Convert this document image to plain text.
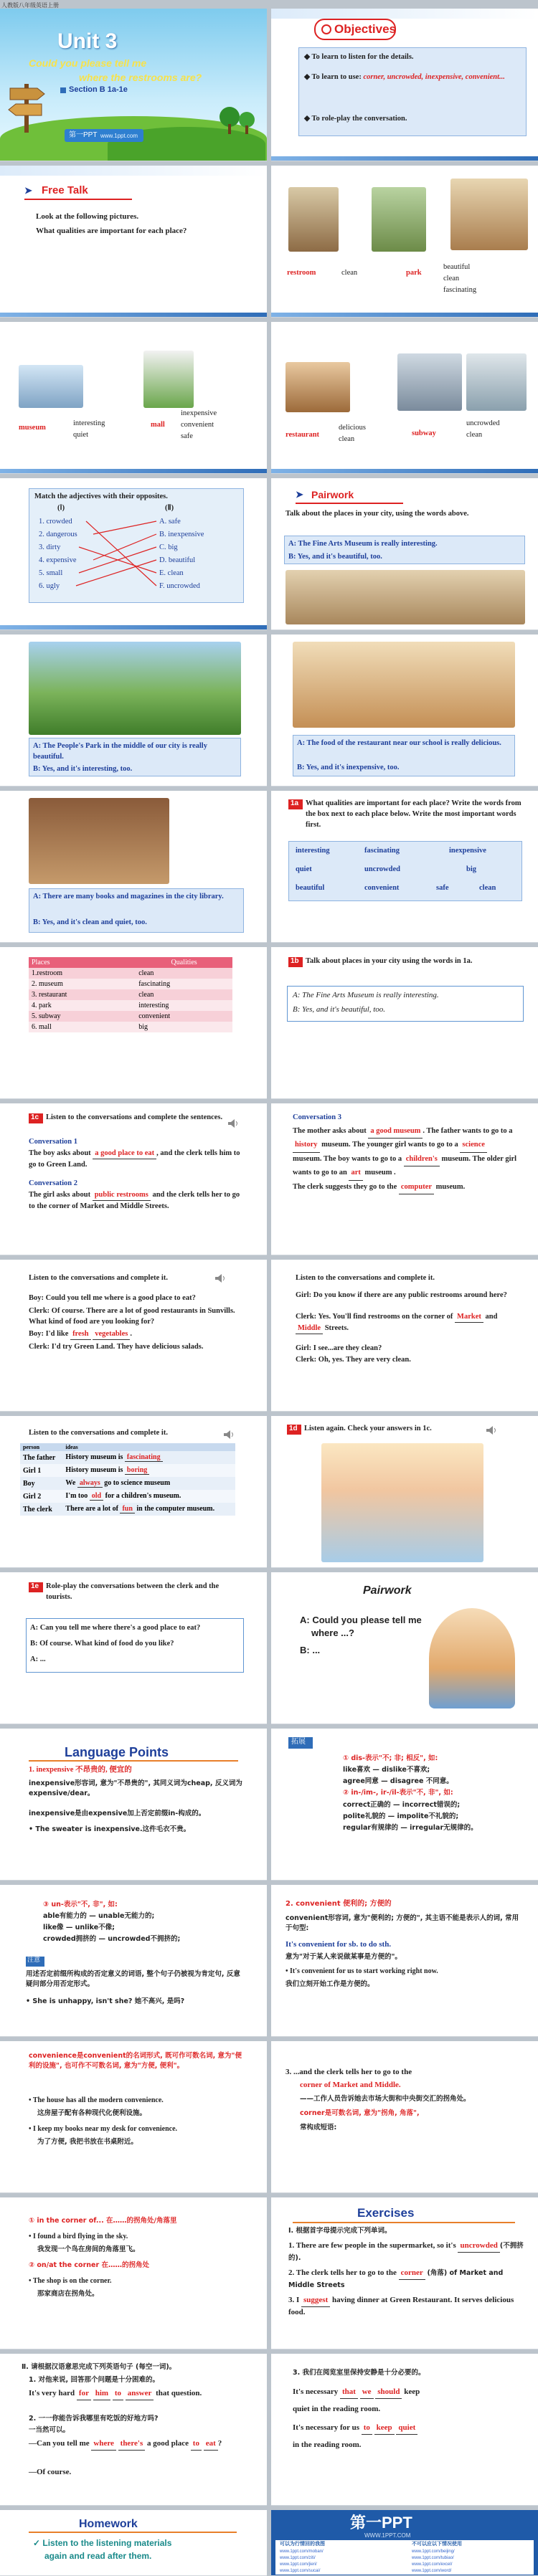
人教版八年级英语上册
Unit 3
Could you please tell me
where the restrooms are?
Section B 1a-1e
第一PPT www.1ppt.com
Objectives
◆ To learn to listen for the details.
◆ To learn to use: corner, uncrowded, inexpensive, convenient...
◆ To role-play the conversation.
➤ Free Talk
Look at the following pictures.
What qualities are important for each place?
restroom	clean	park
beautiful
clean
fascinating
museum
interesting
quiet
mall
inexpensive
convenient
safe	restaurant
delicious
clean
subway
uncrowded
clean
Match the adjectives with their opposites.
(Ⅰ)	(Ⅱ)
1. crowded
2. dangerous
3. dirty
4. expensive
5. small
6. ugly
A. safe
B. inexpensive
C. big
D. beautiful
E. clean
F. uncrowded
➤ Pairwork
Talk about the places in your city, using the words above.
A: The Fine Arts Museum is really interesting.
B: Yes, and it's beautiful, too.
A: The People's Park in the middle of our city is really beautiful.
B: Yes, and it's interesting, too.
A: The food of the restaurant near our school is really delicious.
B: Yes, and it's inexpensive, too.
A: There are many books and magazines in the city library.
B: Yes, and it's clean and quiet, too.
1a What qualities are important for each place? Write the words from the box next to each place below. Write the most important words first.
interesting	fascinating	inexpensive
quiet	uncrowded	big
beautiful	convenient	safe	clean
Places	Qualities
1.restroom	clean
2. museum	fascinating
3. restaurant	clean
4. park	interesting
5. subway	convenient
6. mall	big
1b Talk about places in your city using the words in 1a.
A: The Fine Arts Museum is really interesting.
B: Yes, and it's beautiful, too.
1c Listen to the conversations and complete the sentences.
Conversation 1
The boy asks about a good place to eat , and the clerk tells him to go to Green Land.
Conversation 2
The girl asks about public restrooms and the clerk tells her to go to the corner of Market and Middle Streets.
Conversation 3
The mother asks about a good museum . The father wants to go to a history museum. The younger girl wants to go to a science museum. The boy wants to go to a children's museum. The older girl wants to go to an art museum .
The clerk suggests they go to the computer museum.
Listen to the conversations and complete it.
Boy: Could you tell me where is a good place to eat?
Clerk: Of course. There are a lot of good restaurants in Sunvills. What kind of food are you looking for?
Boy: I'd like fresh vegetables .
Clerk: I'd try Green Land. They have delicious salads.
Listen to the conversations and complete it.
Girl: Do you know if there are any public restrooms around here?
Clerk: Yes. You'll find restrooms on the corner of Market and Middle Streets.
Girl: I see...are they clean?
Clerk: Oh, yes. They are very clean.
Listen to the conversations and complete it.
person	ideas
The father	History museum is fascinating
Girl 1	History museum is boring
Boy	We always go to science museum
Girl 2	I'm too old for a children's museum.
The clerk	There are a lot of fun in the computer museum.
1d Listen again. Check your answers in 1c.
1e Role-play the conversations between the clerk and the tourists.
A: Can you tell me where there's a good place to eat?
B: Of course. What kind of food do you like?
A: ...
Pairwork
A: Could you please tell me
where ...?
B: ...
Language Points
1. inexpensive 不昂贵的, 便宜的
inexpensive形容词, 意为"不昂贵的", 其同义词为cheap, 反义词为expensive/dear。
inexpensive是由expensive加上否定前缀in-构成的。
• The sweater is inexpensive.这件毛衣不贵。
拓展
① dis-表示"不; 非; 相反", 如:
like喜欢 — dislike不喜欢;
agree同意 — disagree 不同意。
② in-/im-, ir-/il-表示"不, 非", 如:
correct正确的 — incorrect错误的;
polite礼貌的 — impolite不礼貌的;
regular有规律的 — irregular无规律的。
③ un-表示"不, 非", 如:
able有能力的 — unable无能力的;
like像 — unlike不像;
crowded拥挤的 — uncrowded不拥挤的;
注意
用述否定前缀所构成的否定意义的词语, 整个句子仍被视为肯定句, 反意疑问部分用否定形式。
• She is unhappy, isn't she? 她不高兴, 是吗?
2. convenient 便利的; 方便的
convenient形容词, 意为"便利的; 方便的", 其主语不能是表示人的词, 常用于句型:
It's convenient for sb. to do sth.
意为"对于某人来说做某事是方便的"。
• It's convenient for us to start working right now.
我们立刻开始工作是方便的。
convenience是convenient的名词形式, 既可作可数名词, 意为"便利的设施", 也可作不可数名词, 意为"方便, 便利"。
• The house has all the modern convenience.
这房屋子配有各种现代化便利设施。
• I keep my books near my desk for convenience.
为了方便, 我把书放在书桌附近。
3. ...and the clerk tells her to go to the
corner of Market and Middle.
——工作人员告诉她去市场大街和中央街交汇的拐角处。
corner是可数名词, 意为"拐角, 角落",
常构成短语:
① in the corner of... 在……的拐角处/角落里
• I found a bird flying in the sky.
我发现一个鸟在房间的角落里飞。
② on/at the corner 在……的拐角处
• The shop is on the corner.
那家商店在拐角处。
Exercises
Ⅰ. 根据首字母提示完成下列单词。
1. There are few people in the supermarket, so it's uncrowded (不拥挤的).
2. The clerk tells her to go to the corner (角落) of Market and Middle Streets
3. I suggest having dinner at Green Restaurant. It serves delicious food.
Ⅱ. 请根据汉语意思完成下列英语句子 (每空一词)。
1. 对他来说, 回答那个问题是十分困难的。
It's very hard for him to answer that question.
2. 一一你能告诉我哪里有吃饭的好地方吗?
一当然可以。
—Can you tell me where there's a good place to eat ?
—Of course.
3. 我们在阅览室里保持安静是十分必要的。
It's necessary that we should keep
quiet in the reading room.
It's necessary for us to keep quiet
in the reading room.
Homework
✓ Listen to the listening materials
again and read after them.
第一PPT
WWW.1PPT.COM
可以为行情回的我图	不可以应以下情况使用
www.1ppt.com/moban/
www.1ppt.com/ziti/
www.1ppt.com/jieri/
www.1ppt.com/sucai/
www.1ppt.com/beijing/
www.1ppt.com/tubiao/
www.1ppt.com/excel/
www.1ppt.com/word/
